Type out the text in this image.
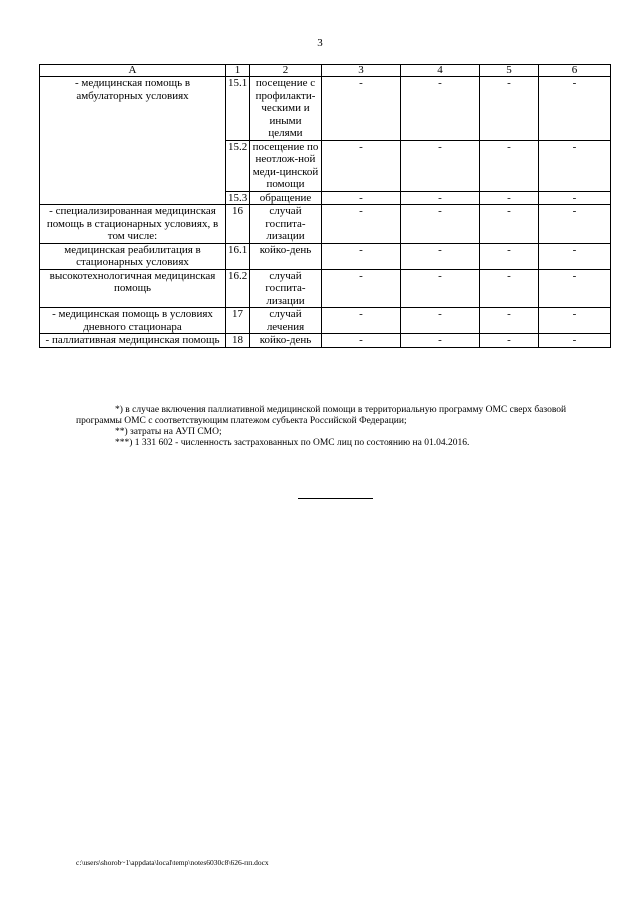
3
А	1	2	3	4	5	6
- медицинская помощь в амбулаторных условиях	15.1	посещение с профилакти-ческими и иными целями	-	-	-	-
	15.2	посещение по неотлож-ной меди-цинской помощи	-	-	-	-
	15.3	обращение	-	-	-	-
- специализированная медицинская помощь в стационарных условиях, в том числе:	16	случай госпита-лизации	-	-	-	-
медицинская реабилитация в стационарных условиях	16.1	койко-день	-	-	-	-
высокотехнологичная медицинская помощь	16.2	случай госпита-лизации	-	-	-	-
- медицинская помощь в условиях дневного стационара	17	случай лечения	-	-	-	-
- паллиативная медицинская помощь	18	койко-день	-	-	-	-

*) в случае включения паллиативной медицинской помощи в территориальную программу ОМС сверх базовой программы ОМС с соответствующим платежом субъекта Российской Федерации;

**) затраты на АУП СМО;

***) 1 331 602 - численность застрахованных по ОМС лиц по состоянию на 01.04.2016.

c:\users\shorob~1\appdata\local\temp\notes6030c8\626-пп.docx
